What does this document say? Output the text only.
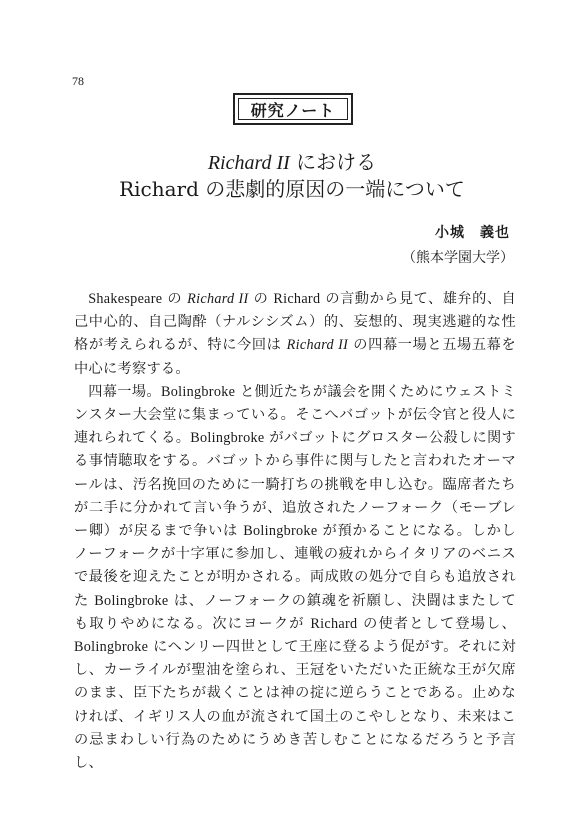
78
研究ノート
Richard II における
Richard の悲劇的原因の一端について
小城　義也
（熊本学園大学）

Shakespeare の Richard II の Richard の言動から見て、雄弁的、自己中心的、自己陶酔（ナルシシズム）的、妄想的、現実逃避的な性格が考えられるが、特に今回は Richard II の四幕一場と五場五幕を中心に考察する。

四幕一場。Bolingbroke と側近たちが議会を開くためにウェストミンスター大会堂に集まっている。そこへバゴットが伝令官と役人に連れられてくる。Bolingbroke がバゴットにグロスター公殺しに関する事情聴取をする。バゴットから事件に関与したと言われたオーマールは、汚名挽回のために一騎打ちの挑戦を申し込む。臨席者たちが二手に分かれて言い争うが、追放されたノーフォーク（モーブレー卿）が戻るまで争いは Bolingbroke が預かることになる。しかしノーフォークが十字軍に参加し、連戦の疲れからイタリアのベニスで最後を迎えたことが明かされる。両成敗の処分で自らも追放された Bolingbroke は、ノーフォークの鎮魂を祈願し、決闘はまたしても取りやめになる。次にヨークが Richard の使者として登場し、Bolingbroke にヘンリー四世として王座に登るよう促がす。それに対し、カーライルが聖油を塗られ、王冠をいただいた正統な王が欠席のまま、臣下たちが裁くことは神の掟に逆らうことである。止めなければ、イギリス人の血が流されて国土のこやしとなり、未来はこの忌まわしい行為のためにうめき苦しむことになるだろうと予言　し、
